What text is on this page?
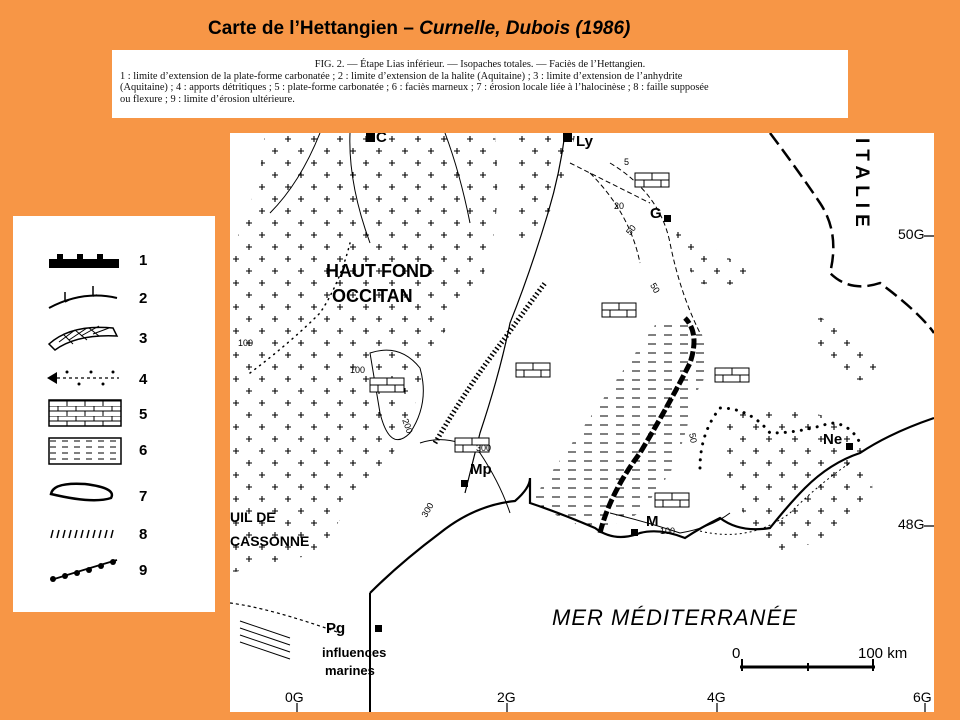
Carte de l’Hettangien – Curnelle, Dubois (1986)
FIG. 2. — Étape Lias inférieur. — Isopaches totales. — Faciès de l’Hettangien.
1 : limite d’extension de la plate-forme carbonatée ; 2 : limite d’extension de la halite (Aquitaine) ; 3 : limite d’extension de l’anhydrite
(Aquitaine) ; 4 : apports détritiques ; 5 : plate-forme carbonatée ; 6 : faciès marneux ; 7 : érosion locale liée à l’halocinèse ; 8 : faille supposée
ou flexure ; 9 : limite d’érosion ultérieure.
1
2
3
4
5
6
7
8
9
HAUT FOND
OCCITAN
UIL DE
CASSONNE
MER MÉDITERRANÉE
ITALIE
influences
marines
C	Ly
G
Mp
M
Ne
Pg
0G	2G	4G	6G
48G
50G
100
200
300
300
100
50
50
20
5
100
50
0	100 km
